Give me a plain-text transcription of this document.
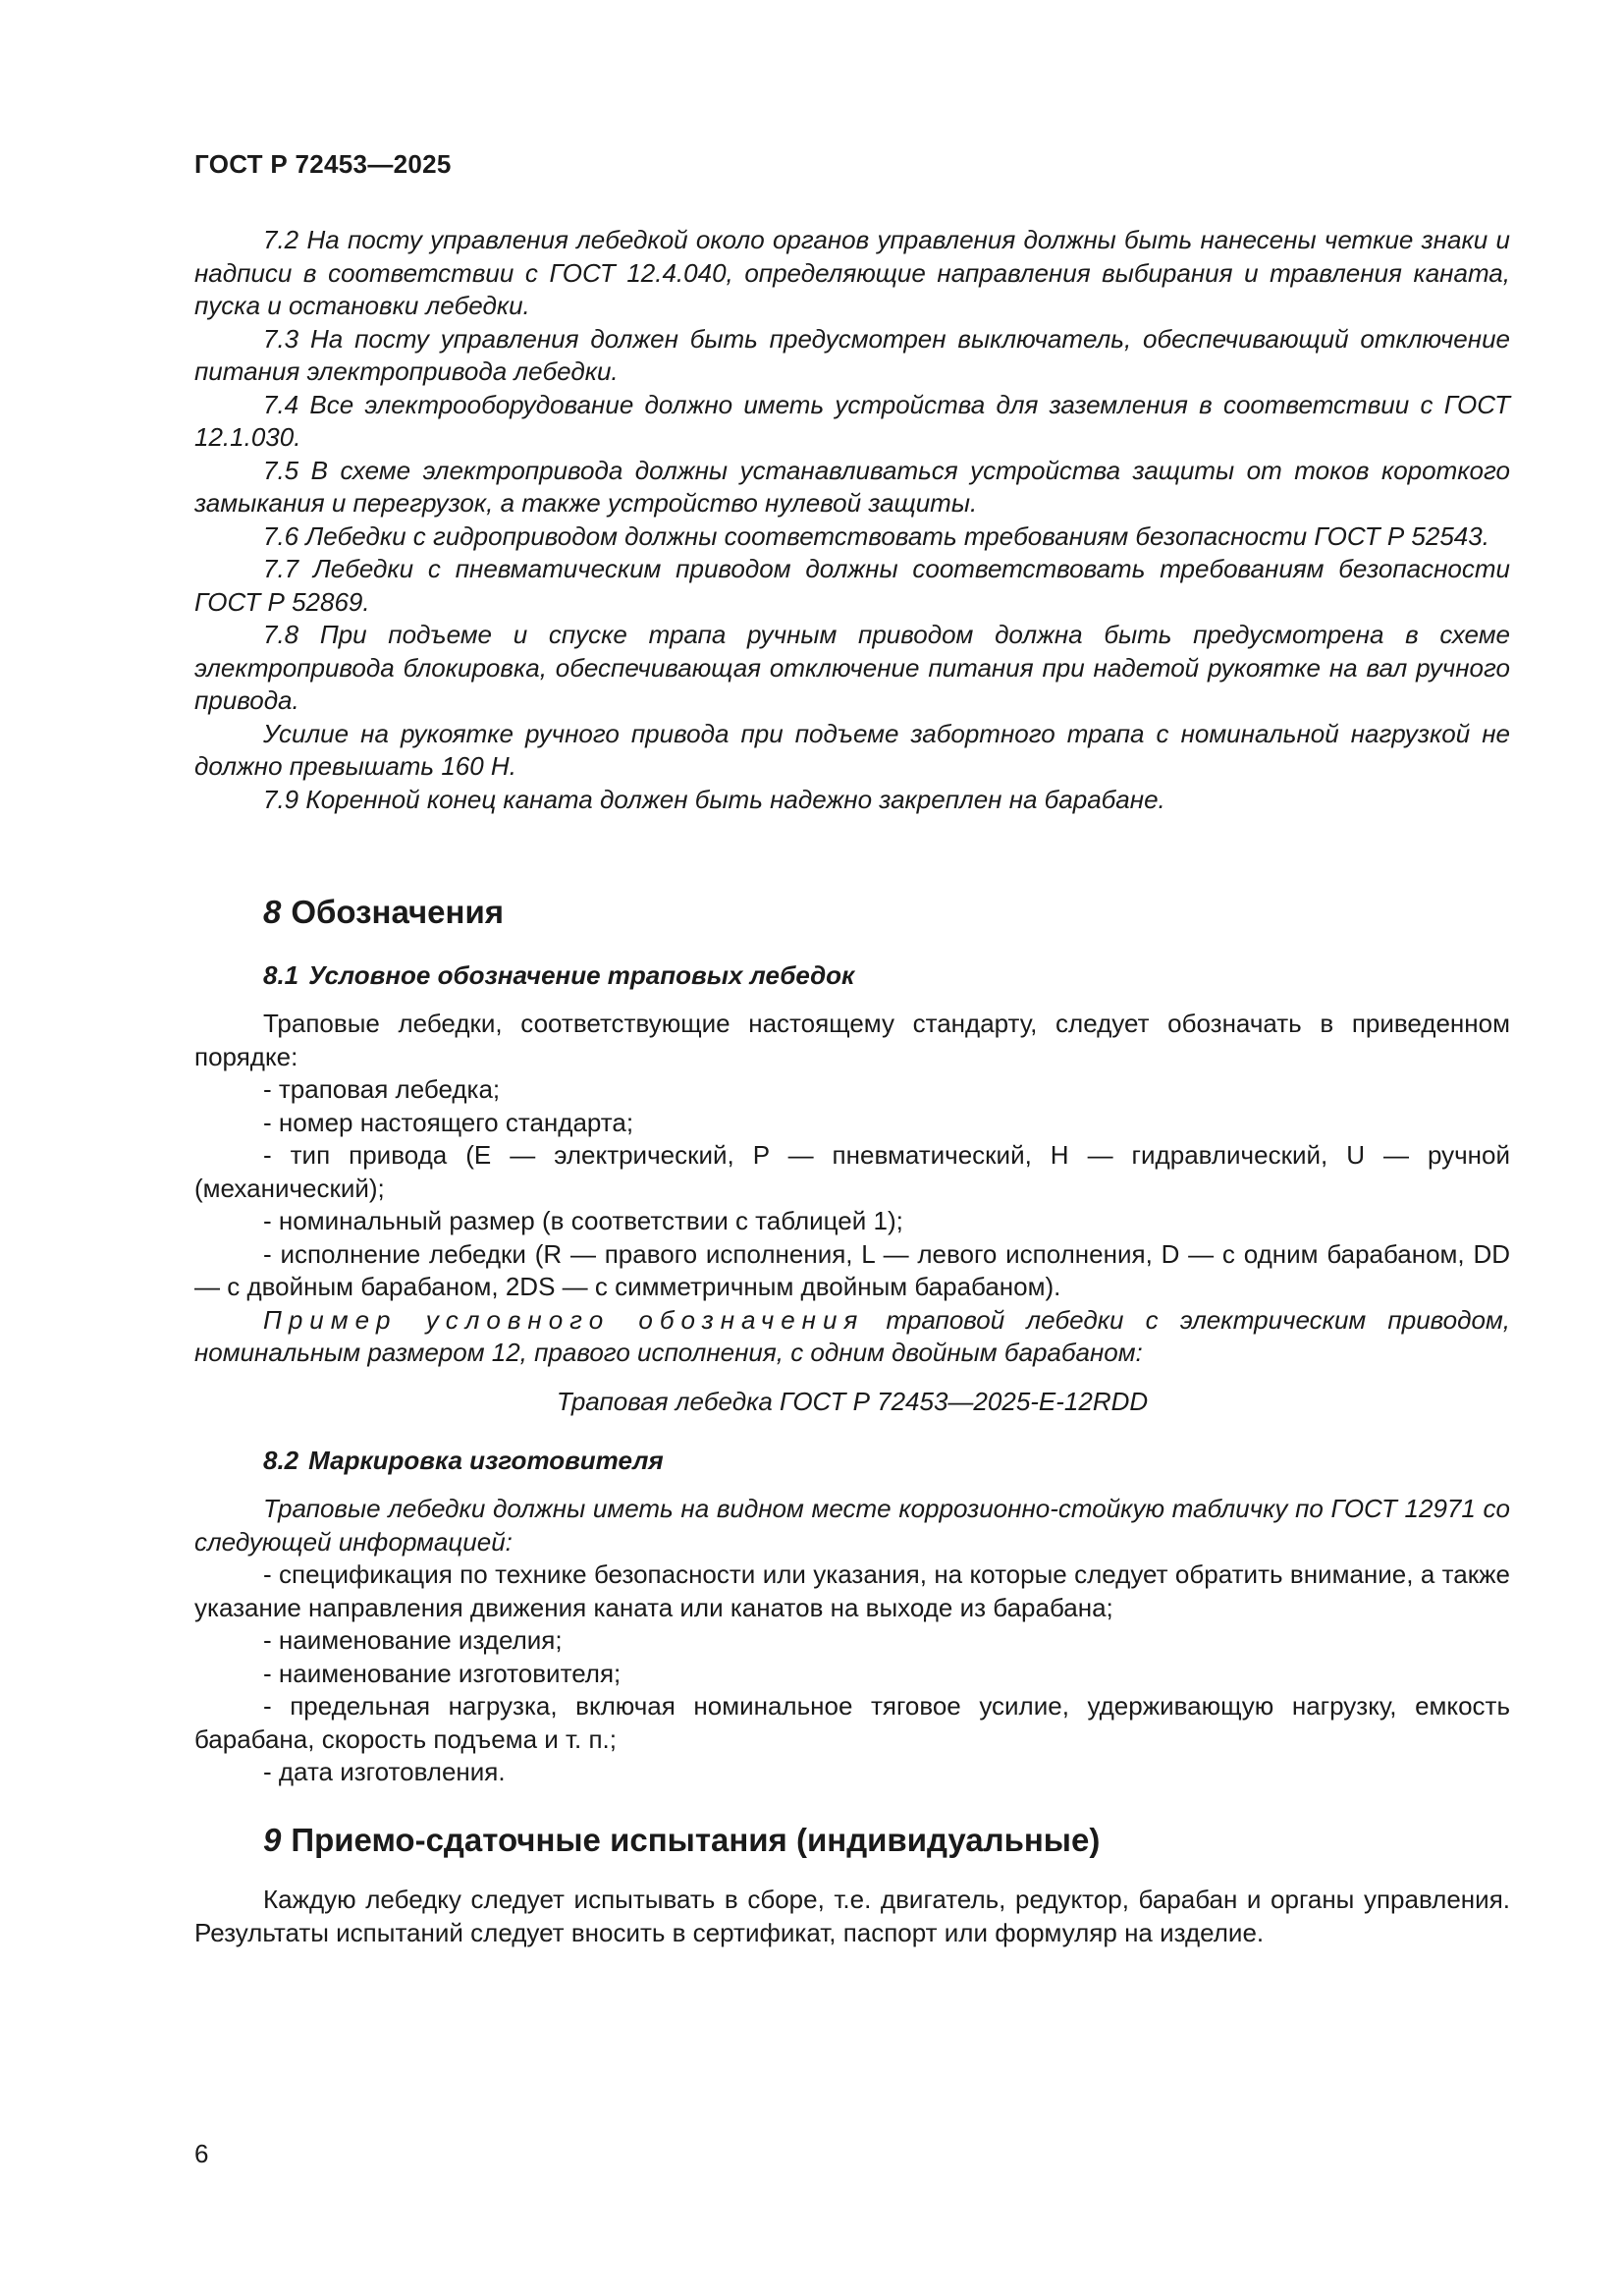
ГОСТ Р 72453—2025

7.2 На посту управления лебедкой около органов управления должны быть нанесены четкие знаки и надписи в соответствии с ГОСТ 12.4.040, определяющие направления выбирания и травления каната, пуска и остановки лебедки.

7.3 На посту управления должен быть предусмотрен выключатель, обеспечивающий отключение питания электропривода лебедки.

7.4 Все электрооборудование должно иметь устройства для заземления в соответствии с ГОСТ 12.1.030.

7.5 В схеме электропривода должны устанавливаться устройства защиты от токов короткого замыкания и перегрузок, а также устройство нулевой защиты.

7.6 Лебедки с гидроприводом должны соответствовать требованиям безопасности ГОСТ Р 52543.

7.7 Лебедки с пневматическим приводом должны соответствовать требованиям безопасности ГОСТ Р 52869.

7.8 При подъеме и спуске трапа ручным приводом должна быть предусмотрена в схеме электропривода блокировка, обеспечивающая отключение питания при надетой рукоятке на вал ручного привода.

Усилие на рукоятке ручного привода при подъеме забортного трапа с номинальной нагрузкой не должно превышать 160 Н.

7.9 Коренной конец каната должен быть надежно закреплен на барабане.

8 Обозначения
8.1 Условное обозначение траповых лебедок

Траповые лебедки, соответствующие настоящему стандарту, следует обозначать в приведенном порядке:

- траповая лебедка;

- номер настоящего стандарта;

- тип привода (E — электрический, P — пневматический, H — гидравлический, U — ручной (механический);

- номинальный размер (в соответствии с таблицей 1);

- исполнение лебедки (R — правого исполнения, L — левого исполнения, D — с одним барабаном, DD — с двойным барабаном, 2DS — с симметричным двойным барабаном).

Пример условного обозначения траповой лебедки с электрическим приводом, номинальным размером 12, правого исполнения, с одним двойным барабаном:

Траповая лебедка ГОСТ Р 72453—2025-E-12RDD

8.2 Маркировка изготовителя

Траповые лебедки должны иметь на видном месте коррозионно-стойкую табличку по ГОСТ 12971 со следующей информацией:

- спецификация по технике безопасности или указания, на которые следует обратить внимание, а также указание направления движения каната или канатов на выходе из барабана;

- наименование изделия;

- наименование изготовителя;

- предельная нагрузка, включая номинальное тяговое усилие, удерживающую нагрузку, емкость барабана, скорость подъема и т. п.;

- дата изготовления.

9 Приемо-сдаточные испытания (индивидуальные)

Каждую лебедку следует испытывать в сборе, т.е. двигатель, редуктор, барабан и органы управления. Результаты испытаний следует вносить в сертификат, паспорт или формуляр на изделие.

6
